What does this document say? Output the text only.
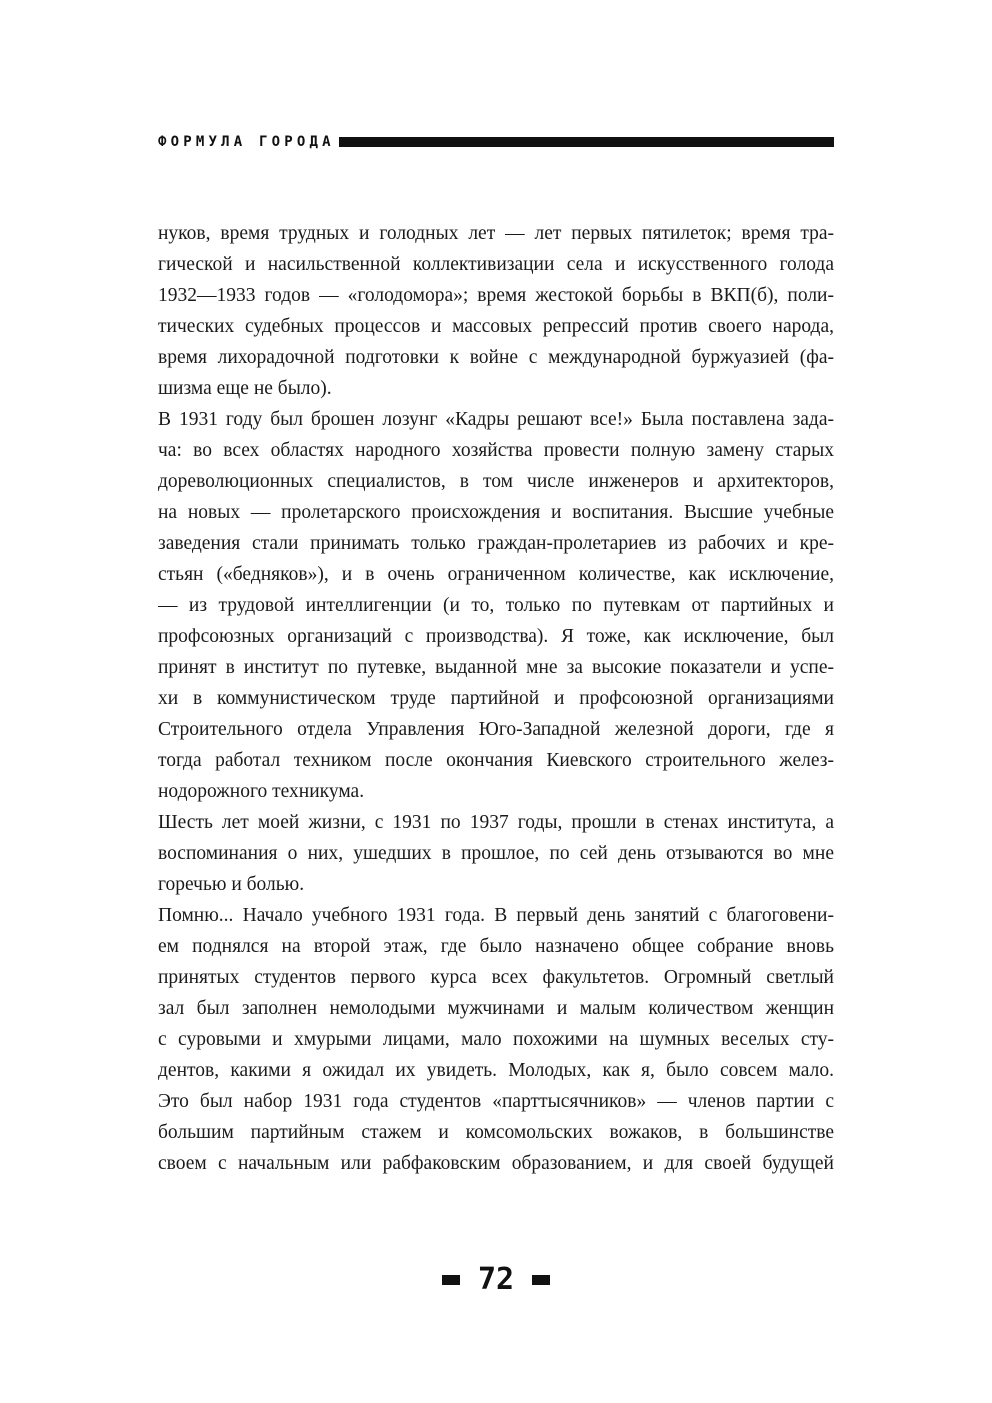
ФОРМУЛА ГОРОДА

нуков, время трудных и голодных лет — лет первых пятилеток; время тра-
гической и насильственной коллективизации села и искусственного голода
1932—1933 годов — «голодомора»; время жестокой борьбы в ВКП(б), поли-
тических судебных процессов и массовых репрессий против своего народа,
время лихорадочной подготовки к войне с международной буржуазией (фа-
шизма еще не было).

В 1931 году был брошен лозунг «Кадры решают все!» Была поставлена зада-
ча: во всех областях народного хозяйства провести полную замену старых
дореволюционных специалистов, в том числе инженеров и архитекторов,
на новых — пролетарского происхождения и воспитания. Высшие учебные
заведения стали принимать только граждан-пролетариев из рабочих и кре-
стьян («бедняков»), и в очень ограниченном количестве, как исключение,
— из трудовой интеллигенции (и то, только по путевкам от партийных и
профсоюзных организаций с производства). Я тоже, как исключение, был
принят в институт по путевке, выданной мне за высокие показатели и успе-
хи в коммунистическом труде партийной и профсоюзной организациями
Строительного отдела Управления Юго-Западной железной дороги, где я
тогда работал техником после окончания Киевского строительного желез-
нодорожного техникума.

Шесть лет моей жизни, с 1931 по 1937 годы, прошли в стенах института, а
воспоминания о них, ушедших в прошлое, по сей день отзываются во мне
горечью и болью.

Помню... Начало учебного 1931 года. В первый день занятий с благоговени-
ем поднялся на второй этаж, где было назначено общее собрание вновь
принятых студентов первого курса всех факультетов. Огромный светлый
зал был заполнен немолодыми мужчинами и малым количеством женщин
с суровыми и хмурыми лицами, мало похожими на шумных веселых сту-
дентов, какими я ожидал их увидеть. Молодых, как я, было совсем мало.
Это был набор 1931 года студентов «парттысячников» — членов партии с
большим партийным стажем и комсомольских вожаков, в большинстве
своем с начальным или рабфаковским образованием, и для своей будущей

72
